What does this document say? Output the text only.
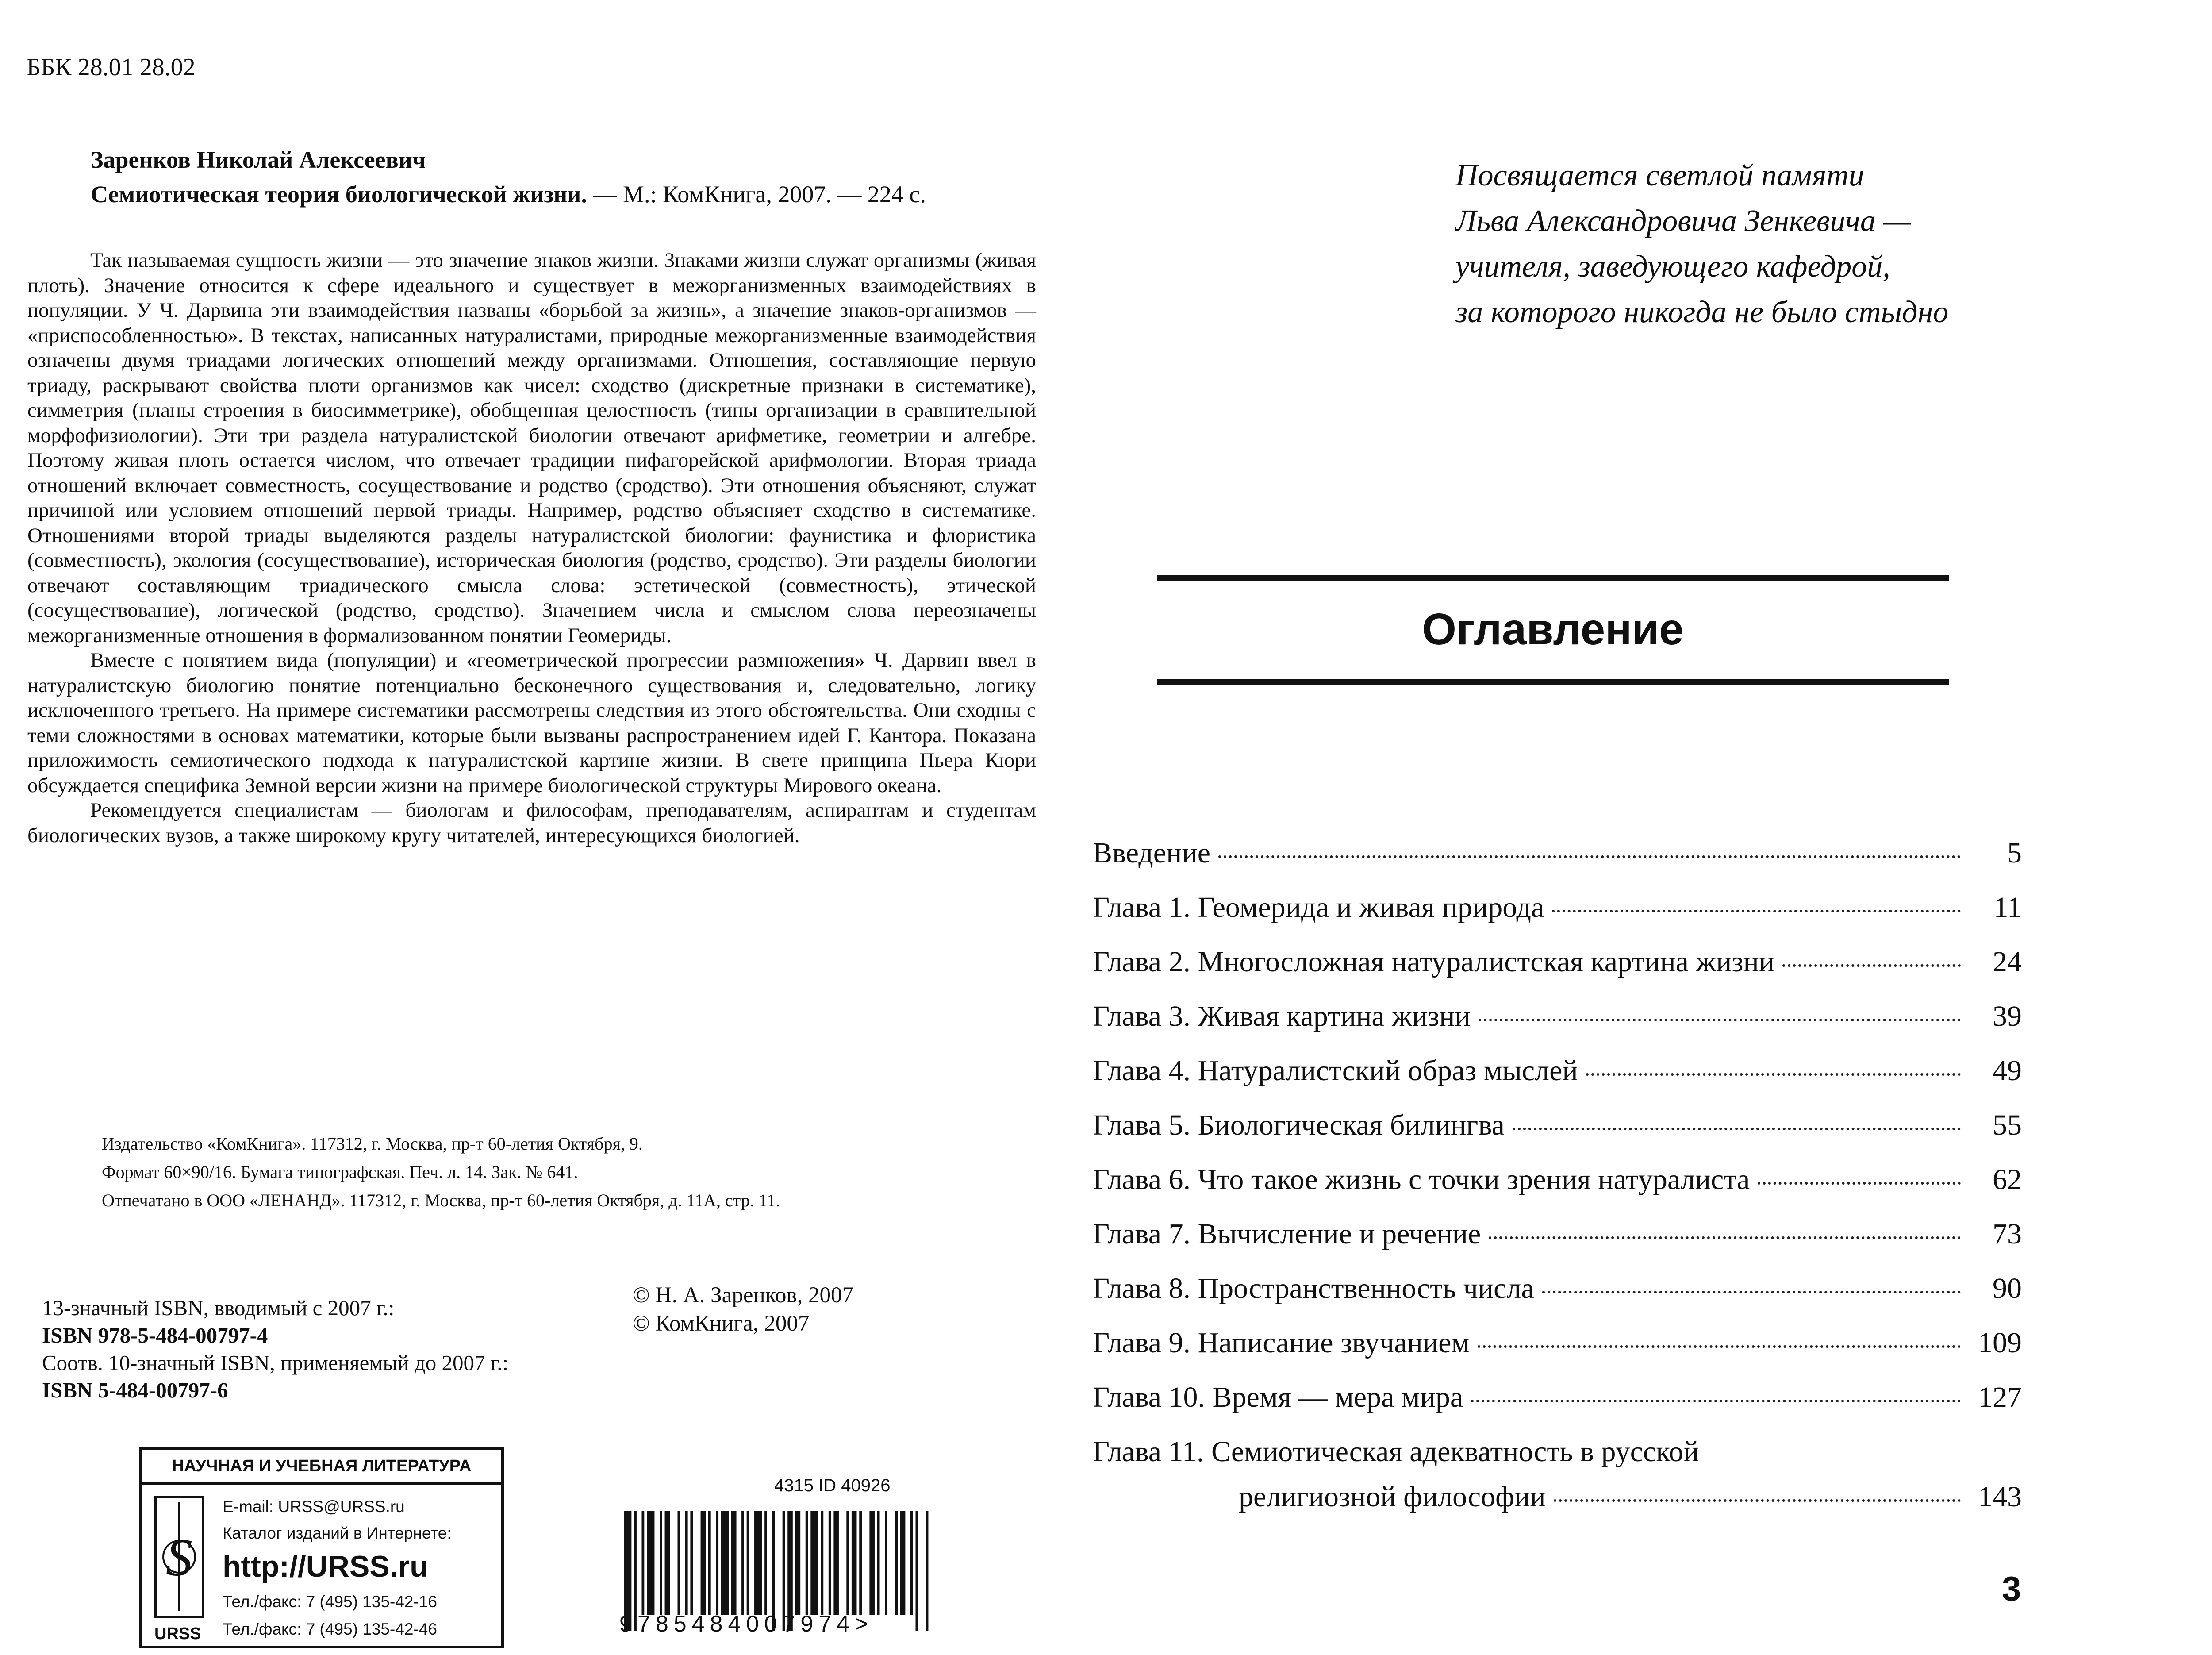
ББК 28.01 28.02
Заренков Николай Алексеевич
Семиотическая теория биологической жизни. — М.: КомКнига, 2007. — 224 с.

Так называемая сущность жизни — это значение знаков жизни. Знаками жизни служат организмы (живая плоть). Значение относится к сфере идеального и существует в межорганизменных взаимодействиях в популяции. У Ч. Дарвина эти взаимодействия названы «борьбой за жизнь», а значение знаков-организмов — «приспособленностью». В текстах, написанных натуралистами, природные межорганизменные взаимодействия означены двумя триадами логических отношений между организмами. Отношения, составляющие первую триаду, раскрывают свойства плоти организмов как чисел: сходство (дискретные признаки в систематике), симметрия (планы строения в биосимметрике), обобщенная целостность (типы организации в сравнительной морфофизиологии). Эти три раздела натуралистской биологии отвечают арифметике, геометрии и алгебре. Поэтому живая плоть остается числом, что отвечает традиции пифагорейской арифмологии. Вторая триада отношений включает совместность, сосуществование и родство (сродство). Эти отношения объясняют, служат причиной или условием отношений первой триады. Например, родство объясняет сходство в систематике. Отношениями второй триады выделяются разделы натуралистской биологии: фаунистика и флористика (совместность), экология (сосуществование), историческая биология (родство, сродство). Эти разделы биологии отвечают составляющим триадического смысла слова: эстетической (совместность), этической (сосуществование), логической (родство, сродство). Значением числа и смыслом слова переозначены межорганизменные отношения в формализованном понятии Геомериды.

Вместе с понятием вида (популяции) и «геометрической прогрессии размножения» Ч. Дарвин ввел в натуралистскую биологию понятие потенциально бесконечного существования и, следовательно, логику исключенного третьего. На примере систематики рассмотрены следствия из этого обстоятельства. Они сходны с теми сложностями в основах математики, которые были вызваны распространением идей Г. Кантора. Показана приложимость семиотического подхода к натуралистской картине жизни. В свете принципа Пьера Кюри обсуждается специфика Земной версии жизни на примере биологической структуры Мирового океана.

Рекомендуется специалистам — биологам и философам, преподавателям, аспирантам и студентам биологических вузов, а также широкому кругу читателей, интересующихся биологией.

Издательство «КомКнига». 117312, г. Москва, пр-т 60-летия Октября, 9.
Формат 60×90/16. Бумага типографская. Печ. л. 14. Зак. № 641.
Отпечатано в ООО «ЛЕНАНД». 117312, г. Москва, пр-т 60-летия Октября, д. 11А, стр. 11.
13-значный ISBN, вводимый с 2007 г.:
ISBN 978-5-484-00797-4
Соотв. 10-значный ISBN, применяемый до 2007 г.:
ISBN 5-484-00797-6
© Н. А. Заренков, 2007
© КомКнига, 2007
НАУЧНАЯ И УЧЕБНАЯ ЛИТЕРАТУРА
S
URSS
E-mail: URSS@URSS.ru
Каталог изданий в Интернете:
http://URSS.ru
Тел./факс: 7 (495) 135-42-16
Тел./факс: 7 (495) 135-42-46
4315 ID 40926
9785484007974>
Посвящается светлой памяти
Льва Александровича Зенкевича —
учителя, заведующего кафедрой,
за которого никогда не было стыдно
Оглавление
Введение	5
Глава 1. Геомерида и живая природа	11
Глава 2. Многосложная натуралистская картина жизни	24
Глава 3. Живая картина жизни	39
Глава 4. Натуралистский образ мыслей	49
Глава 5. Биологическая билингва	55
Глава 6. Что такое жизнь с точки зрения натуралиста	62
Глава 7. Вычисление и речение	73
Глава 8. Пространственность числа	90
Глава 9. Написание звучанием	109
Глава 10. Время — мера мира	127
Глава 11. Семиотическая адекватность в русской
религиозной философии	143
3
